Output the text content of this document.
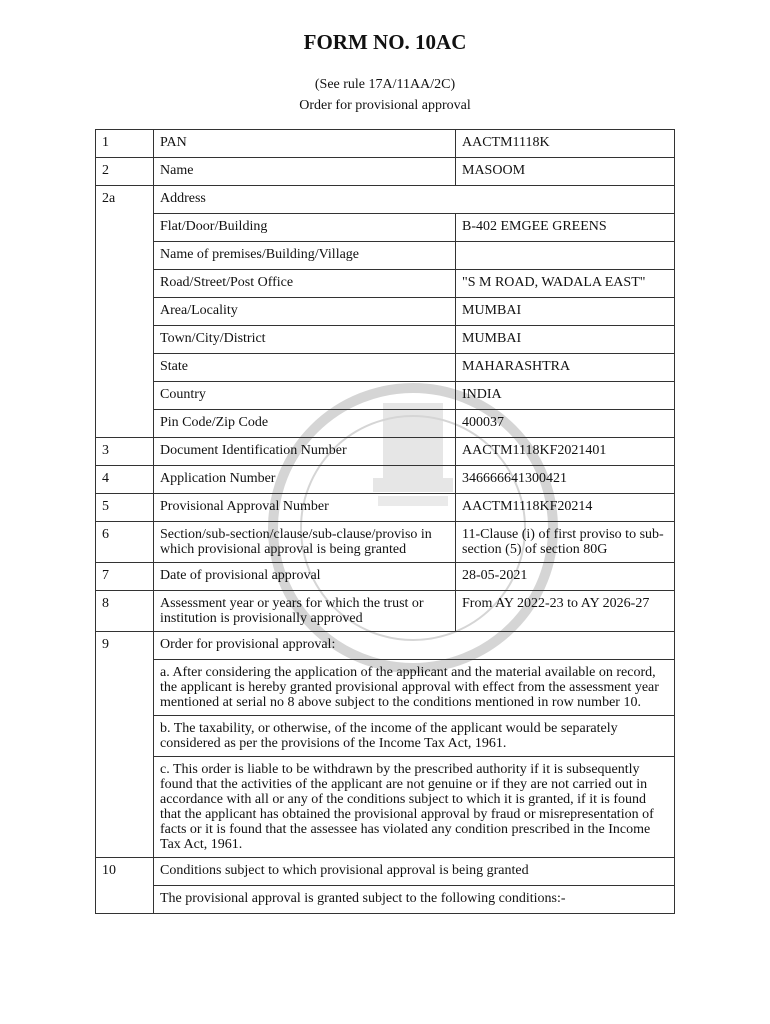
FORM NO. 10AC
(See rule 17A/11AA/2C)
Order for provisional approval
1	PAN	AACTM1118K
2	Name	MASOOM
2a	Address	
	Flat/Door/Building	B-402 EMGEE GREENS
	Name of premises/Building/Village	
	Road/Street/Post Office	"S M ROAD, WADALA EAST"
	Area/Locality	MUMBAI
	Town/City/District	MUMBAI
	State	MAHARASHTRA
	Country	INDIA
	Pin Code/Zip Code	400037
3	Document Identification Number	AACTM1118KF2021401
4	Application Number	346666641300421
5	Provisional Approval Number	AACTM1118KF20214
6	Section/sub-section/clause/sub-clause/proviso in which provisional approval is being granted	11-Clause (i) of first proviso to sub-section (5) of section 80G
7	Date of provisional approval	28-05-2021
8	Assessment year or years for which the trust or institution is provisionally approved	From AY 2022-23 to AY 2026-27
9	Order for provisional approval:	
	a. After considering the application of the applicant and the material available on record, the applicant is hereby granted provisional approval with effect from the assessment year mentioned at serial no 8 above subject to the conditions mentioned in row number 10.	
	b. The taxability, or otherwise, of the income of the applicant would be separately considered as per the provisions of the Income Tax Act, 1961.	
	c. This order is liable to be withdrawn by the prescribed authority if it is subsequently found that the activities of the applicant are not genuine or if they are not carried out in accordance with all or any of the conditions subject to which it is granted, if it is found that the applicant has obtained the provisional approval by fraud or misrepresentation of facts or it is found that the assessee has violated any condition prescribed in the Income Tax Act, 1961.	
10	Conditions subject to which provisional approval is being granted	
	The provisional approval is granted subject to the following conditions:-	
